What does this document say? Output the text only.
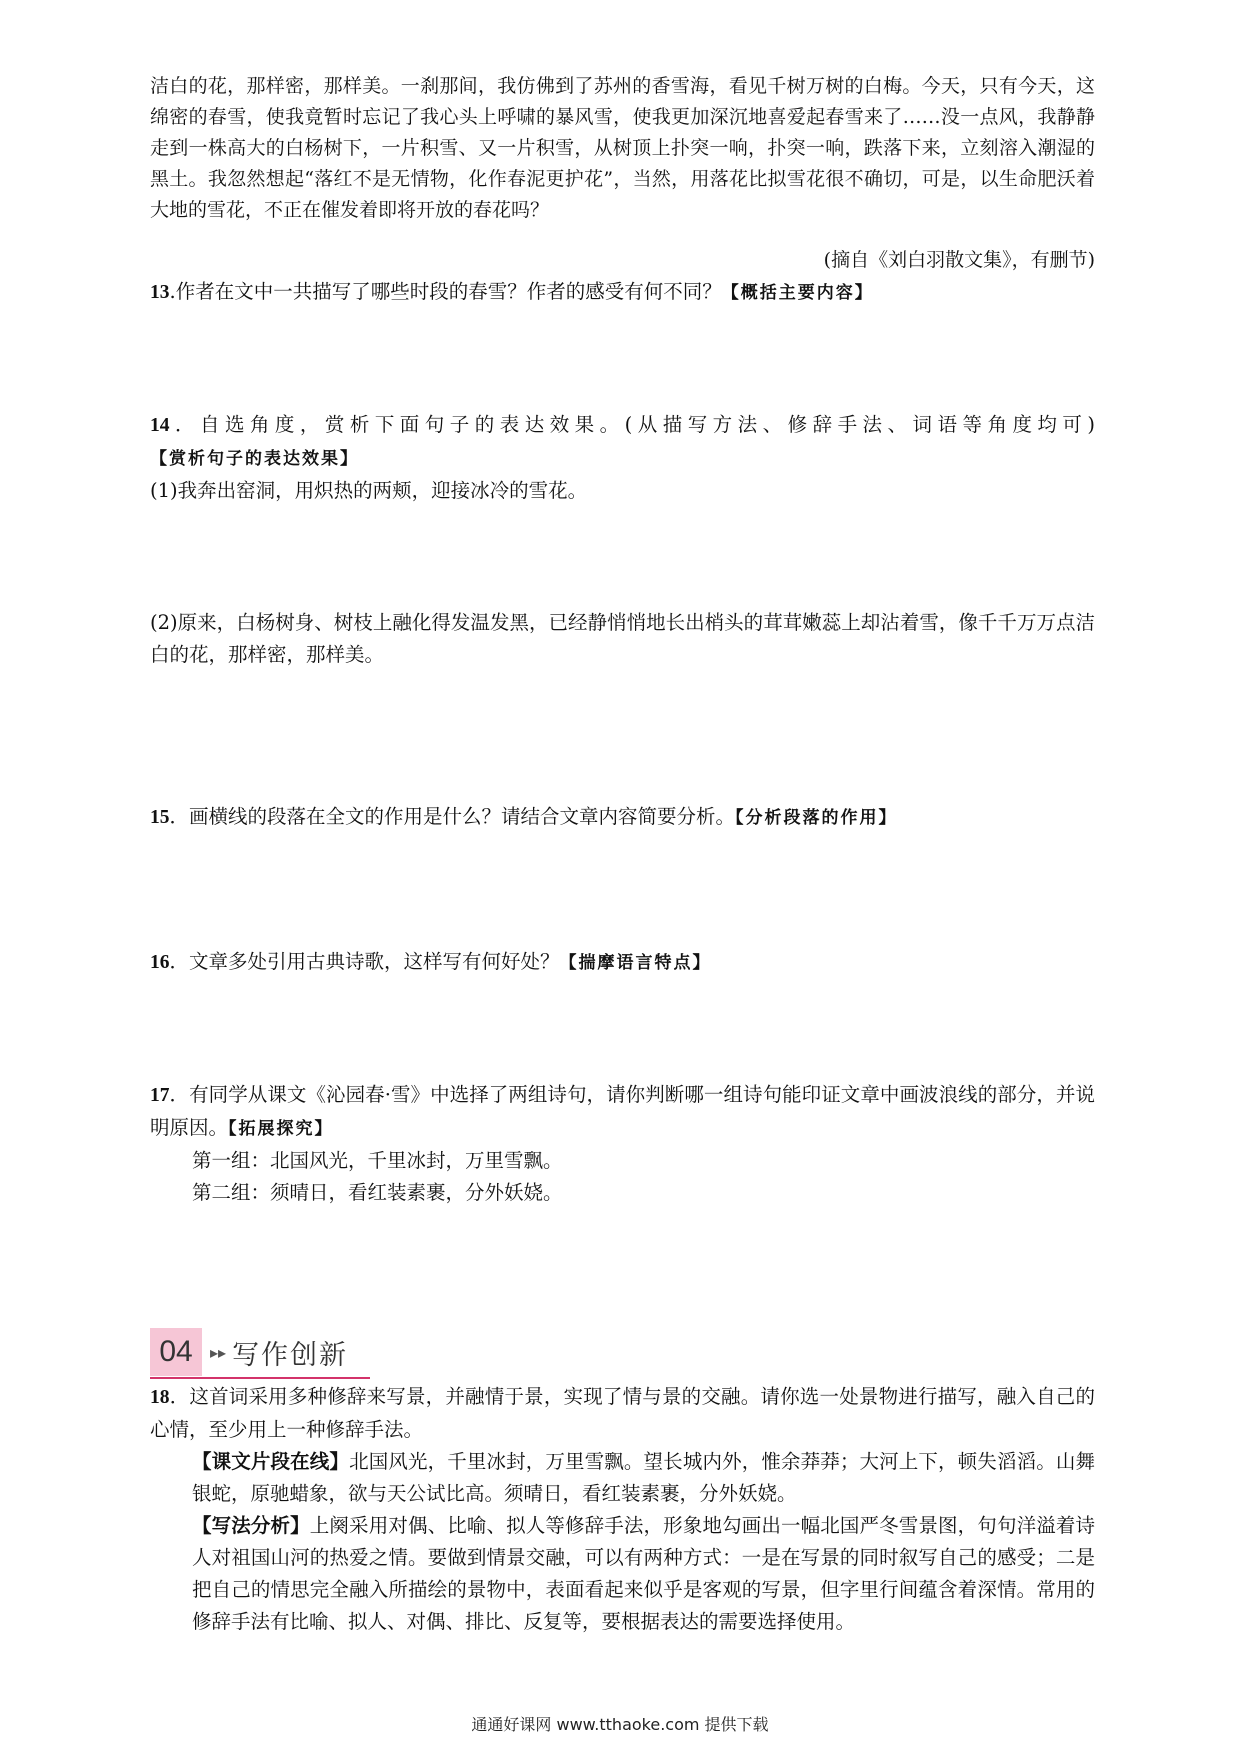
洁白的花，那样密，那样美。一刹那间，我仿佛到了苏州的香雪海，看见千树万树的白梅。今天，只有今天，这绵密的春雪，使我竟暂时忘记了我心头上呼啸的暴风雪，使我更加深沉地喜爱起春雪来了……没一点风，我静静走到一株高大的白杨树下，一片积雪、又一片积雪，从树顶上扑突一响，扑突一响，跌落下来，立刻溶入潮湿的黑土。我忽然想起“落红不是无情物，化作春泥更护花”，当然，用落花比拟雪花很不确切，可是，以生命肥沃着大地的雪花，不正在催发着即将开放的春花吗？

(摘自《刘白羽散文集》，有删节)

13.作者在文中一共描写了哪些时段的春雪？作者的感受有何不同？【概括主要内容】

14．自选角度，赏析下面句子的表达效果。(从描写方法、修辞手法、词语等角度均可)【赏析句子的表达效果】

(1)我奔出窑洞，用炽热的两颊，迎接冰冷的雪花。

(2)原来，白杨树身、树枝上融化得发温发黑，已经静悄悄地长出梢头的茸茸嫩蕊上却沾着雪，像千千万万点洁白的花，那样密，那样美。

15．画横线的段落在全文的作用是什么？请结合文章内容简要分析。【分析段落的作用】

16．文章多处引用古典诗歌，这样写有何好处？【揣摩语言特点】

17．有同学从课文《沁园春·雪》中选择了两组诗句，请你判断哪一组诗句能印证文章中画波浪线的部分，并说明原因。【拓展探究】

第一组：北国风光，千里冰封，万里雪飘。

第二组：须晴日，看红装素裹，分外妖娆。

04	▸▸ 写作创新

18．这首词采用多种修辞来写景，并融情于景，实现了情与景的交融。请你选一处景物进行描写，融入自己的心情，至少用上一种修辞手法。

【课文片段在线】北国风光，千里冰封，万里雪飘。望长城内外，惟余莽莽；大河上下，顿失滔滔。山舞银蛇，原驰蜡象，欲与天公试比高。须晴日，看红装素裹，分外妖娆。

【写法分析】上阕采用对偶、比喻、拟人等修辞手法，形象地勾画出一幅北国严冬雪景图，句句洋溢着诗人对祖国山河的热爱之情。要做到情景交融，可以有两种方式：一是在写景的同时叙写自己的感受；二是把自己的情思完全融入所描绘的景物中，表面看起来似乎是客观的写景，但字里行间蕴含着深情。常用的修辞手法有比喻、拟人、对偶、排比、反复等，要根据表达的需要选择使用。

通通好课网 www.tthaoke.com 提供下载
